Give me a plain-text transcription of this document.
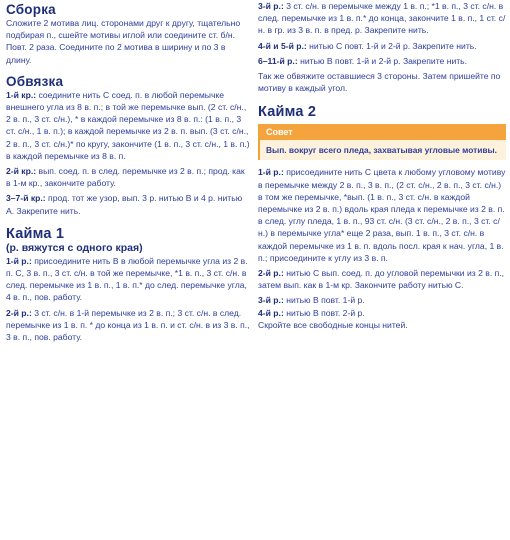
Сборка

Сложите 2 мотива лиц. сторонами друг к другу, тщательно подбирая п., сшейте мотивы иглой или соедините ст. б/н. Повт. 2 раза. Соедините по 2 мотива в ширину и по 3 в длину.

Обвязка

1-й кр.: соедините нить С соед. п. в любой перемычке внешнего угла из 8 в. п.; в той же перемычке вып. (2 ст. с/н., 2 в. п., 3 ст. с/н.), * в каждой перемычке из 8 в. п.: (1 в. п., 3 ст. с/н., 1 в. п.); в каждой перемычке из 2 в. п. вып. (3 ст. с/н., 2 в. п., 3 ст. с/н.)* по кругу, закончите (1 в. п., 3 ст. с/н., 1 в. п.) в каждой перемычке из 8 в. п.

2-й кр.: вып. соед. п. в след. перемычке из 2 в. п.; прод. как в 1-м кр., закончите работу.

3–7-й кр.: прод. тот же узор, вып. 3 р. нитью В и 4 р. нитью А. Закрепите нить.

Кайма 1
(р. вяжутся с одного края)

1-й р.: присоедините нить В в любой перемычке угла из 2 в. п. С, 3 в. п., 3 ст. с/н. в той же перемычке, *1 в. п., 3 ст. с/н. в след. перемычке из 1 в. п., 1 в. п.* до след. перемычке угла, 4 в. п., пов. работу.

2-й р.: 3 ст. с/н. в 1-й перемычке из 2 в. п.; 3 ст. с/н. в след. перемычке из 1 в. п. * до конца из 1 в. п. и ст. с/н. в из 3 в. п., 3 в. п., пов. работу.

3-й р.: 3 ст. с/н. в перемычке между 1 в. п.; *1 в. п., 3 ст. с/н. в след. перемычке из 1 в. п.* до конца, закончите 1 в. п., 1 ст. с/н. в гр. из 3 в. п. в пред. р. Закрепите нить.

4-й и 5-й р.: нитью С повт. 1-й и 2-й р. Закрепите нить.

6–11-й р.: нитью В повт. 1-й и 2-й р. Закрепите нить.

Так же обвяжите оставшиеся 3 стороны. Затем пришейте по мотиву в каждый угол.

Кайма 2
Совет
Вып. вокруг всего пледа, захватывая угловые мотивы.

1-й р.: присоедините нить С цвета к любому угловому мотиву в перемычке между 2 в. п., 3 в. п., (2 ст. с/н., 2 в. п., 3 ст. с/н.) в том же перемычке, *вып. (1 в. п., 3 ст. с/н. в каждой перемычке из 2 в. п.) вдоль края пледа к перемычке из 2 в. п. в след. углу пледа, 1 в. п., 93 ст. с/н. (3 ст. с/н., 2 в. п., 3 ст. с/н.) в перемычке угла* еще 2 раза, вып. 1 в. п., 3 ст. с/н. в каждой перемычке из 1 в. п. вдоль посл. края к нач. угла, 1 в. п.; присоедините к углу из 3 в. п.

2-й р.: нитью С вып. соед. п. до угловой перемычки из 2 в. п., затем вып. как в 1-м кр. Закончите работу нитью С.

3-й р.: нитью В повт. 1-й р.

4-й р.: нитью В повт. 2-й р.

Скройте все свободные концы нитей.
